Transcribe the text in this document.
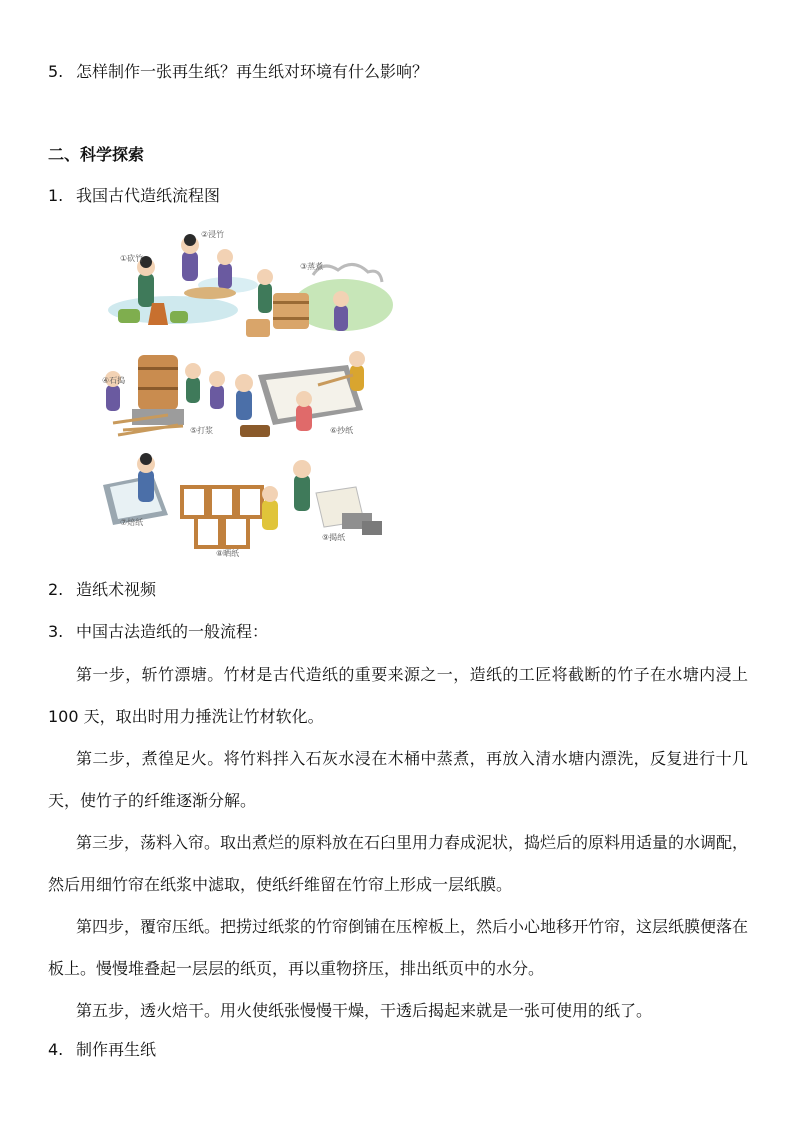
5. 怎样制作一张再生纸？再生纸对环境有什么影响？
二、科学探索
1. 我国古代造纸流程图
①砍竹
②浸竹
③蒸煮
④石捣
⑤打浆	⑥抄纸
⑦焙纸
⑧晒纸
⑨揭纸
2. 造纸术视频
3. 中国古法造纸的一般流程：
第一步，斩竹漂塘。竹材是古代造纸的重要来源之一，造纸的工匠将截断的竹子在水塘内浸上 100 天，取出时用力捶洗让竹材软化。
第二步，煮徨足火。将竹料拌入石灰水浸在木桶中蒸煮，再放入清水塘内漂洗，反复进行十几天，使竹子的纤维逐渐分解。
第三步，荡料入帘。取出煮烂的原料放在石臼里用力舂成泥状，捣烂后的原料用适量的水调配，然后用细竹帘在纸浆中滤取，使纸纤维留在竹帘上形成一层纸膜。
第四步，覆帘压纸。把捞过纸浆的竹帘倒铺在压榨板上，然后小心地移开竹帘，这层纸膜便落在板上。慢慢堆叠起一层层的纸页，再以重物挤压，排出纸页中的水分。
第五步，透火焙干。用火使纸张慢慢干燥，干透后揭起来就是一张可使用的纸了。
4. 制作再生纸
